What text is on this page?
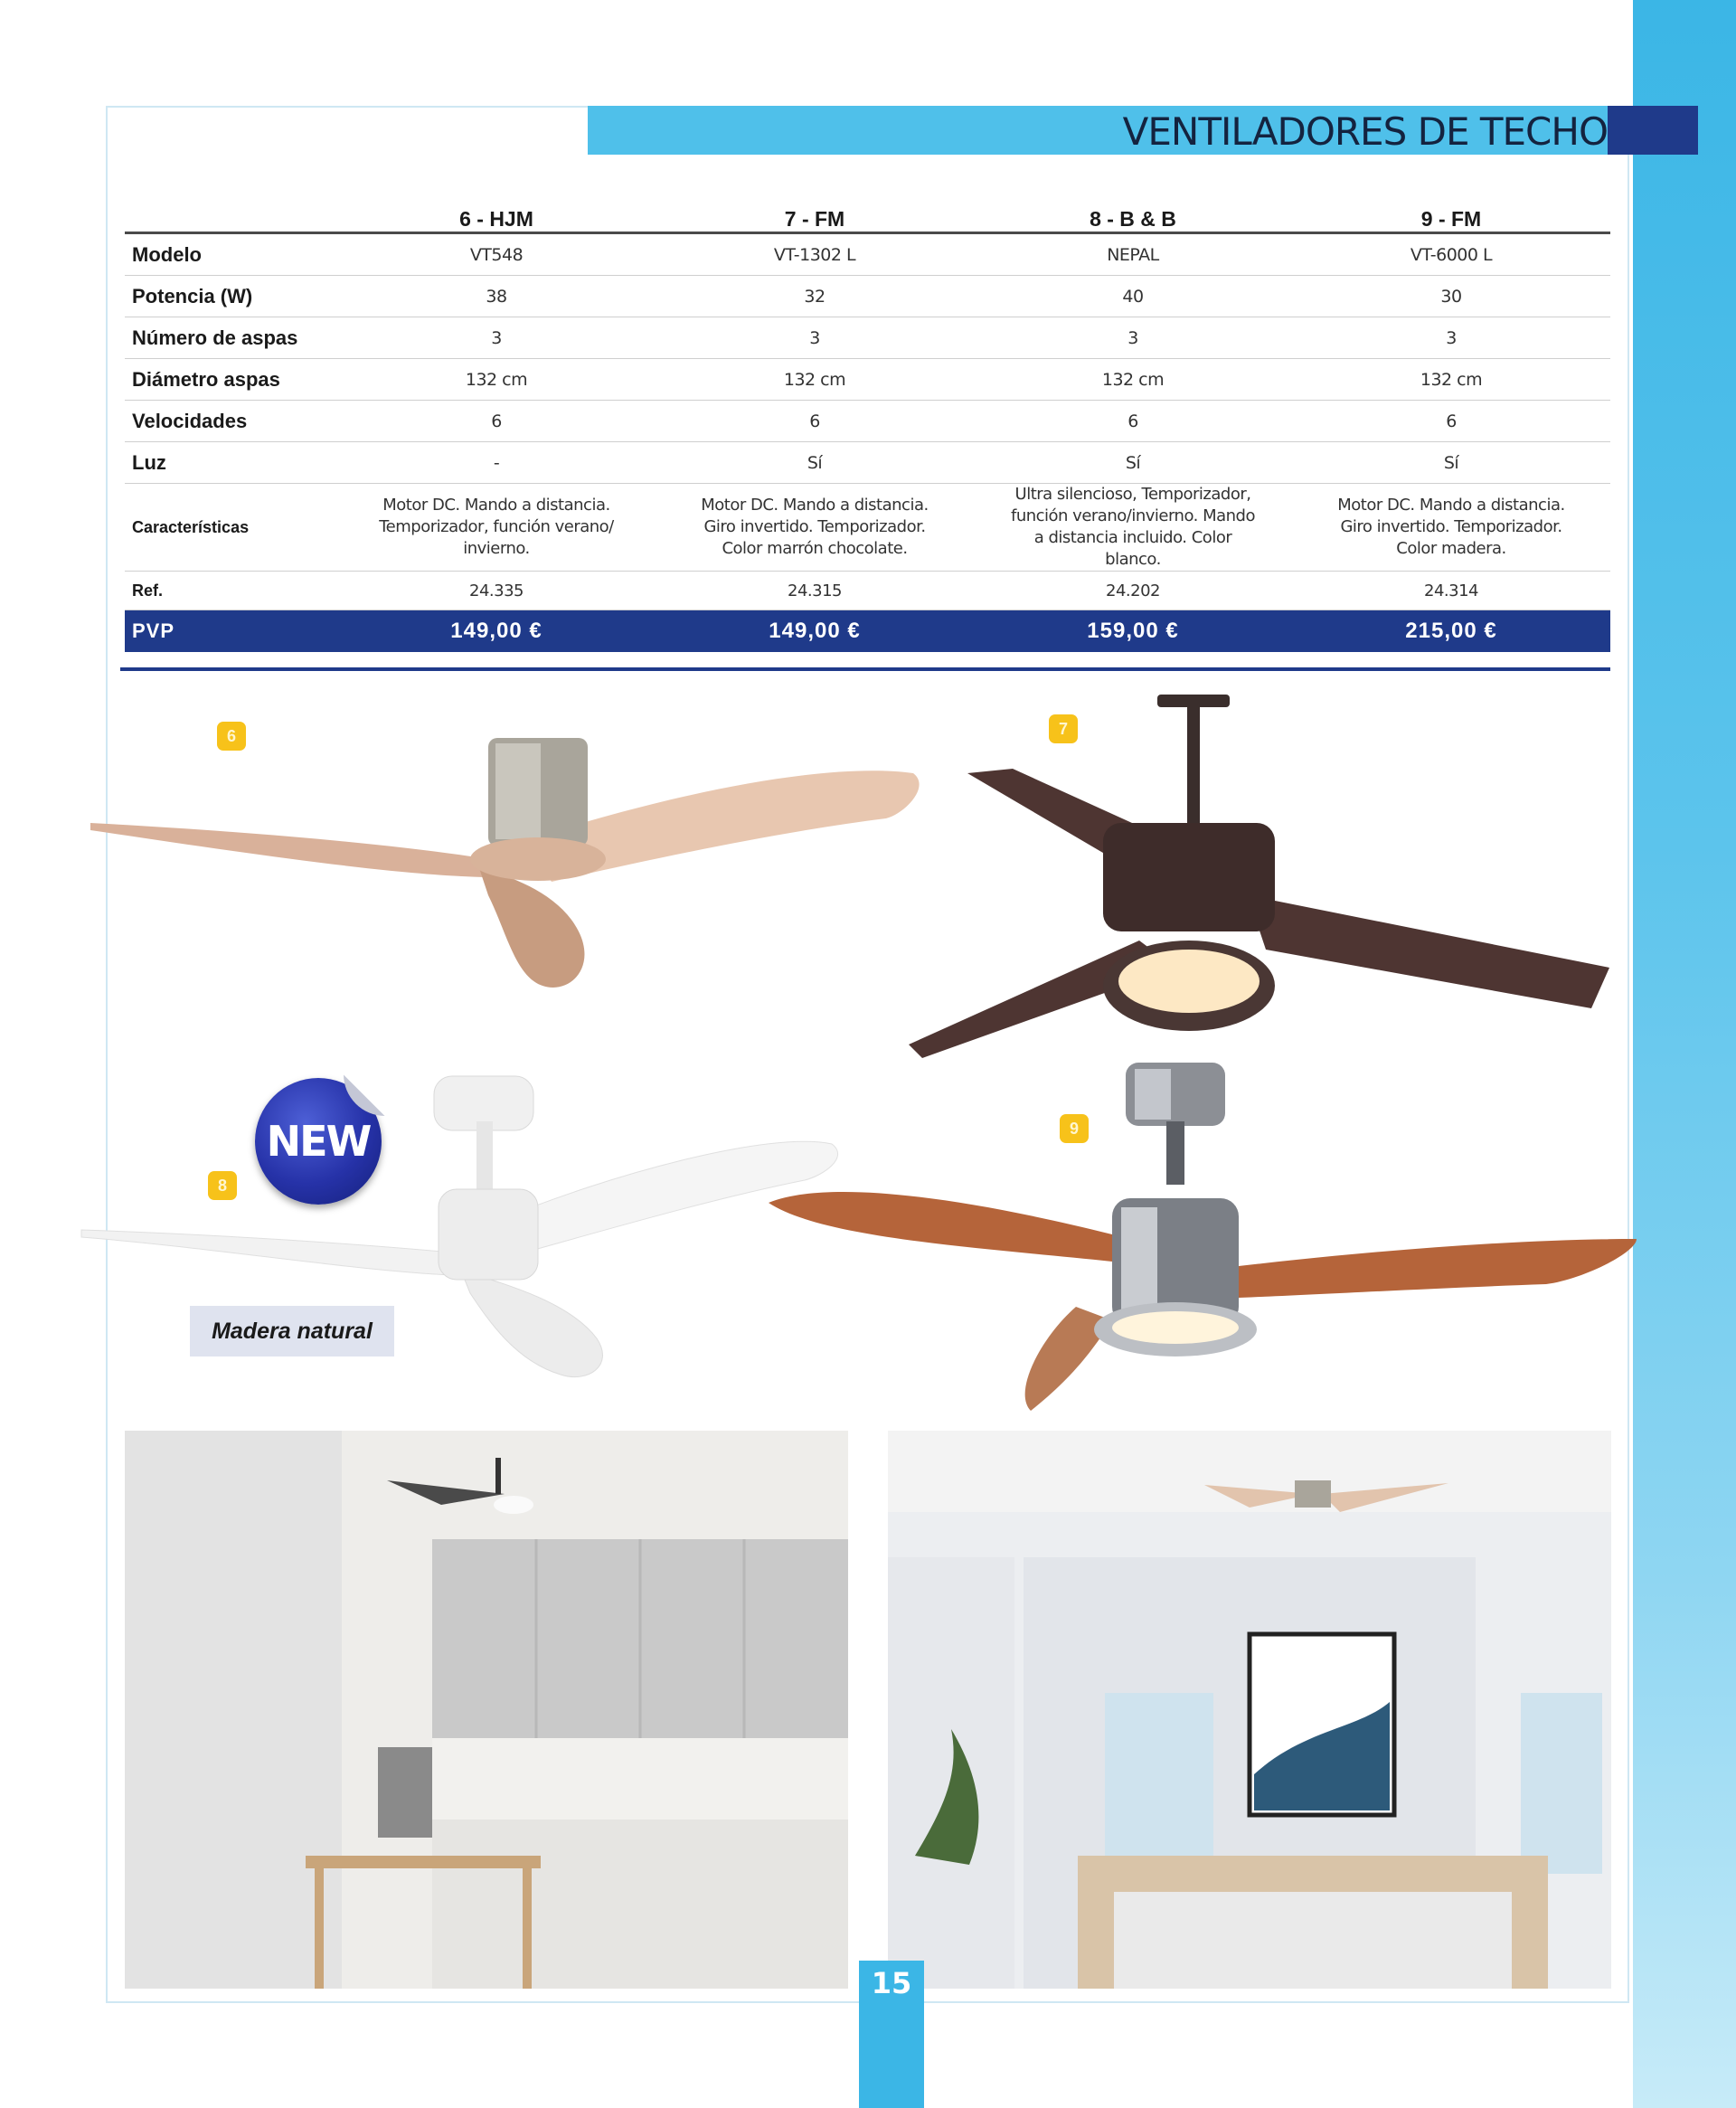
VENTILADORES DE TECHO
	6 - HJM	7 - FM	8 - B & B	9 - FM
Modelo	VT548	VT-1302 L	NEPAL	VT-6000 L
Potencia (W)	38	32	40	30
Número de aspas	3	3	3	3
Diámetro aspas	132 cm	132 cm	132 cm	132 cm
Velocidades	6	6	6	6
Luz	-	Sí	Sí	Sí
Características	Motor DC. Mando a distancia. Temporizador, función verano/ invierno.	Motor DC. Mando a distancia. Giro invertido. Temporizador. Color marrón chocolate.	Ultra silencioso, Temporizador, función verano/invierno. Mando a distancia incluido. Color blanco.	Motor DC. Mando a distancia. Giro invertido. Temporizador. Color madera.
Ref.	24.335	24.315	24.202	24.314
PVP	149,00 €	149,00 €	159,00 €	215,00 €
6	7
8
NEW
Madera natural
9
15
